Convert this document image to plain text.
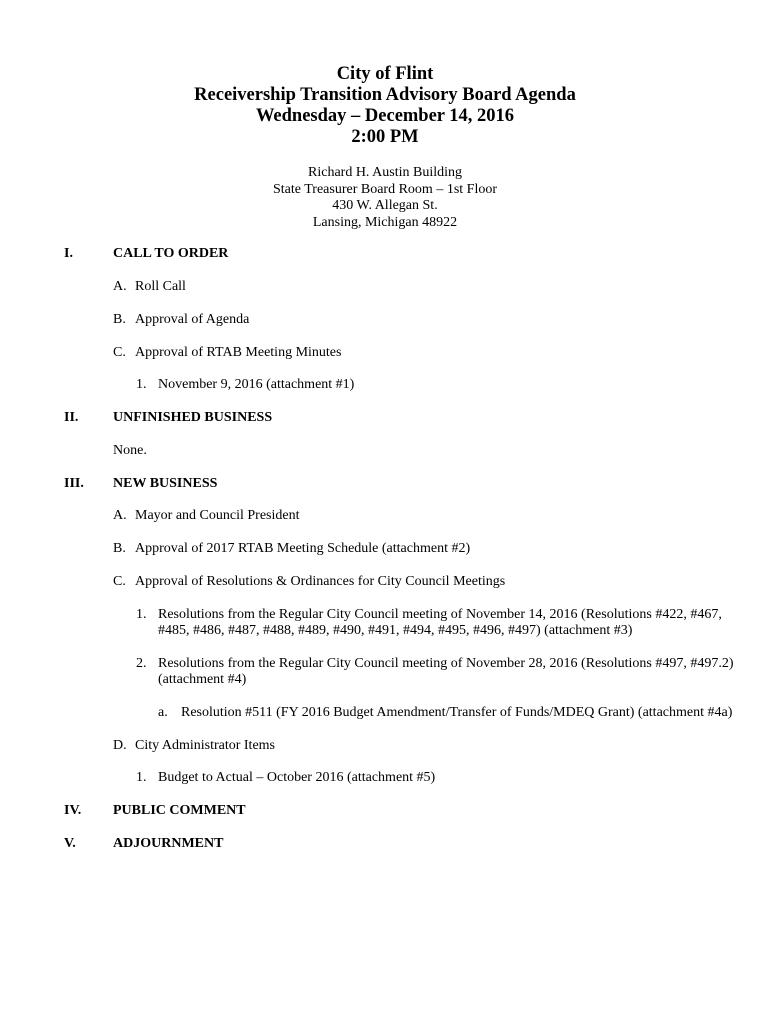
City of Flint

Receivership Transition Advisory Board Agenda

Wednesday – December 14, 2016

2:00 PM

Richard H. Austin Building

State Treasurer Board Room – 1st Floor

430 W. Allegan St.

Lansing, Michigan 48922

I.	CALL TO ORDER
A. Roll Call
B. Approval of Agenda
C. Approval of RTAB Meeting Minutes
1. November 9, 2016 (attachment #1)
II. UNFINISHED BUSINESS
None.
III. NEW BUSINESS
A. Mayor and Council President
B. Approval of 2017 RTAB Meeting Schedule (attachment #2)
C. Approval of Resolutions & Ordinances for City Council Meetings
1. Resolutions from the Regular City Council meeting of November 14, 2016 (Resolutions #422, #467,
#485, #486, #487, #488, #489, #490, #491, #494, #495, #496, #497) (attachment #3)
2. Resolutions from the Regular City Council meeting of November 28, 2016 (Resolutions #497, #497.2)
(attachment #4)
a. Resolution #511 (FY 2016 Budget Amendment/Transfer of Funds/MDEQ Grant) (attachment #4a)
D. City Administrator Items
1. Budget to Actual – October 2016 (attachment #5)
IV. PUBLIC COMMENT
V.	ADJOURNMENT
